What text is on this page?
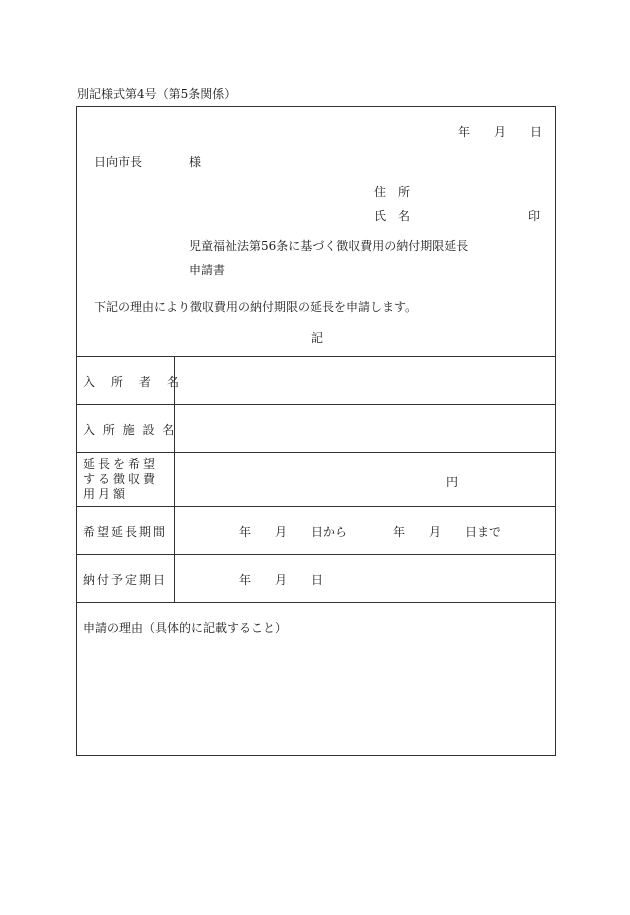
別記様式第4号（第5条関係）
年 月 日
日向市長	様
住　所
氏　名	印
児童福祉法第56条に基づく徴収費用の納付期限延長
申請書
下記の理由により徴収費用の納付期限の延長を申請します。
記
入　所　者　名
入 所 施 設 名
延長を希望する徴収費用月額
円
希望延長期間	年 月 日から	年 月 日まで
納付予定期日	年 月 日
申請の理由（具体的に記載すること）
